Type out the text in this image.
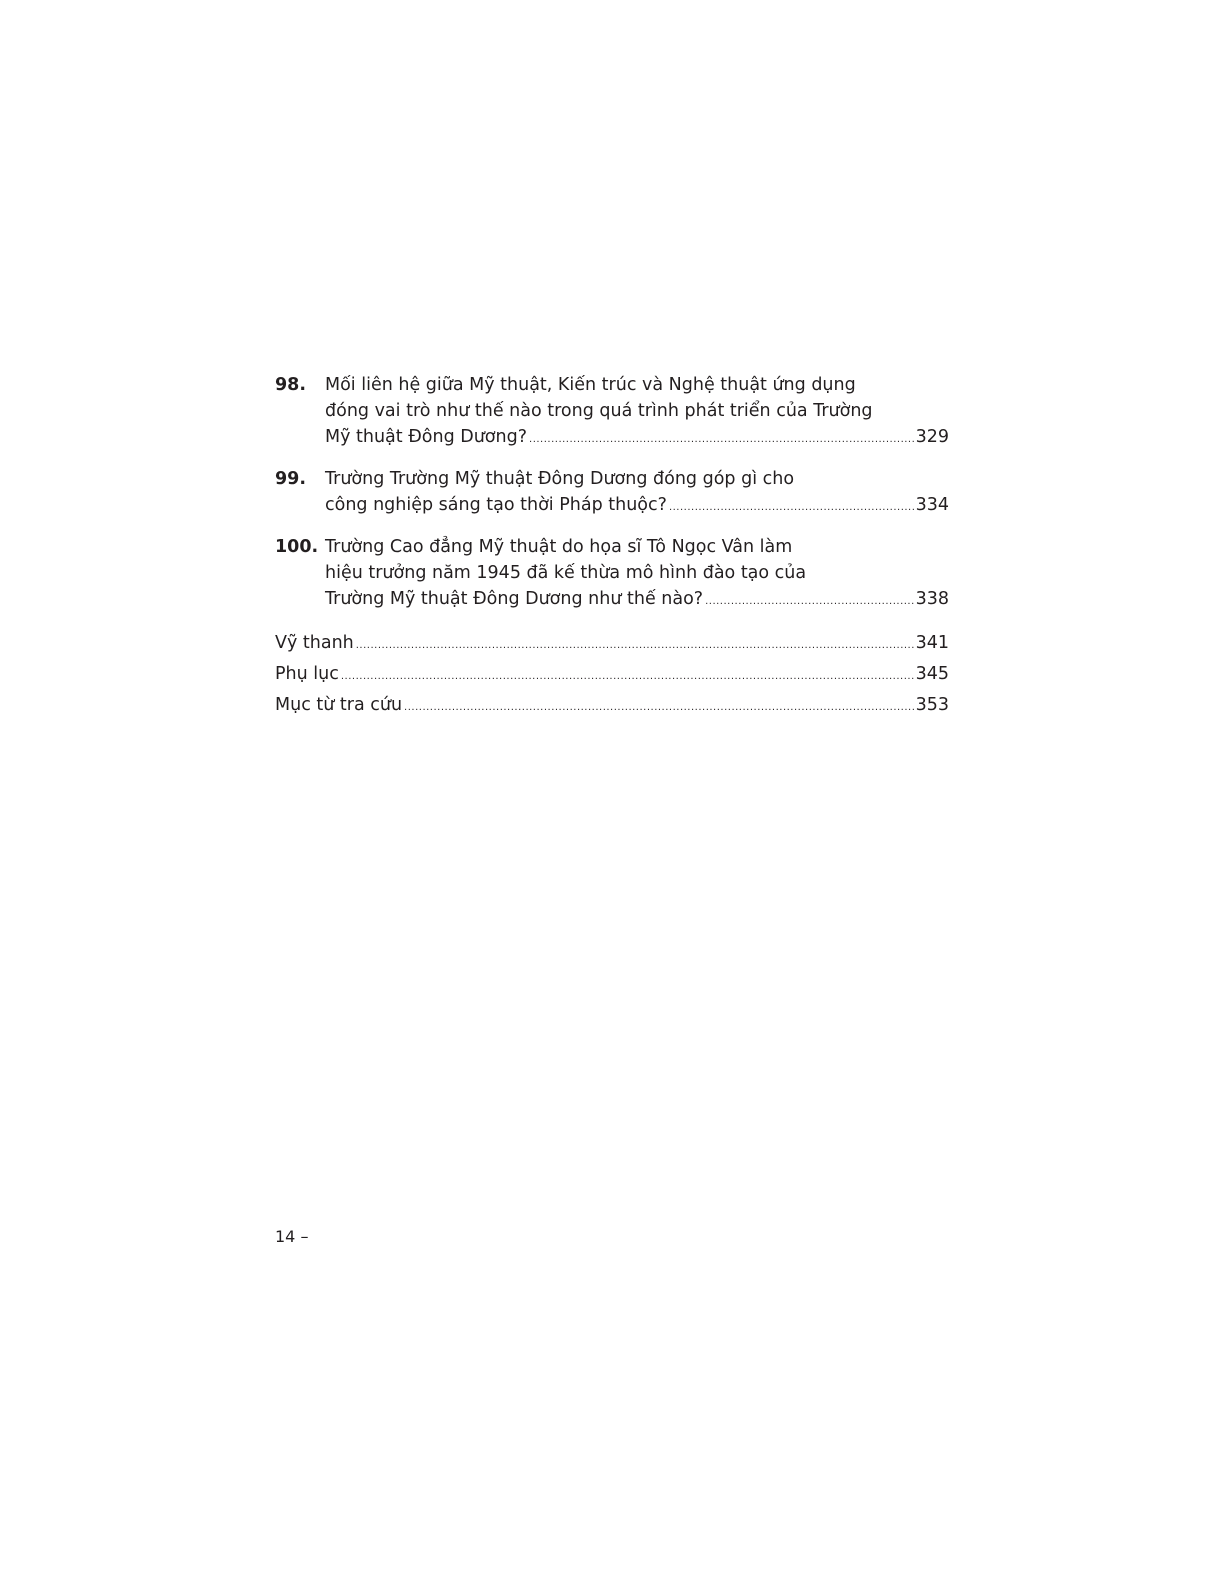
98. Mối liên hệ giữa Mỹ thuật, Kiến trúc và Nghệ thuật ứng dụng
đóng vai trò như thế nào trong quá trình phát triển của Trường
Mỹ thuật Đông Dương? .....	329
99. Trường Trường Mỹ thuật Đông Dương đóng góp gì cho
công nghiệp sáng tạo thời Pháp thuộc? .....	334
100. Trường Cao đẳng Mỹ thuật do họa sĩ Tô Ngọc Vân làm
hiệu trưởng năm 1945 đã kế thừa mô hình đào tạo của
Trường Mỹ thuật Đông Dương như thế nào? .....	338
Vỹ thanh .....	341
Phụ lục .....	345
Mục từ tra cứu .....	353
14 –
